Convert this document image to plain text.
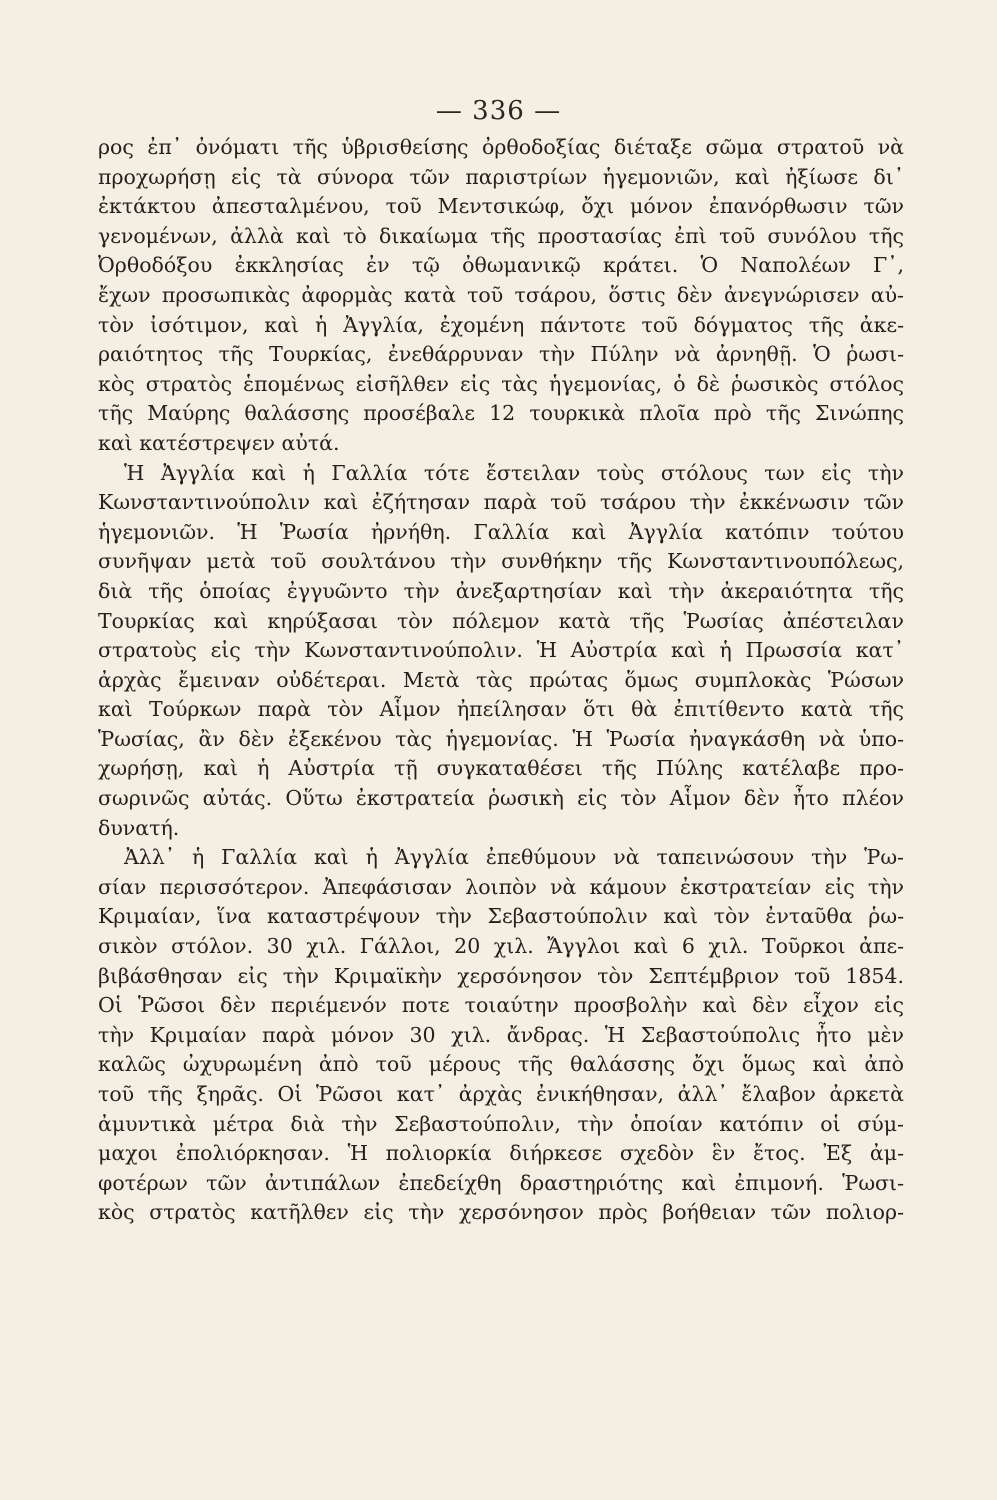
— 336 —
ρος ἐπ᾽ ὀνόματι τῆς ὑβρισθείσης ὀρθοδοξίας διέταξε σῶμα στρατοῦ νὰ
προχωρήσῃ εἰς τὰ σύνορα τῶν παριστρίων ἡγεμονιῶν, καὶ ἠξίωσε δι᾽
ἐκτάκτου ἀπεσταλμένου, τοῦ Μεντσικώφ, ὄχι μόνον ἐπανόρθωσιν τῶν
γενομένων, ἀλλὰ καὶ τὸ δικαίωμα τῆς προστασίας ἐπὶ τοῦ συνόλου τῆς
Ὀρθοδόξου ἐκκλησίας ἐν τῷ ὀθωμανικῷ κράτει. Ὁ Ναπολέων Γ᾽,
ἔχων προσωπικὰς ἀφορμὰς κατὰ τοῦ τσάρου, ὅστις δὲν ἀνεγνώρισεν αὐ-
τὸν ἰσότιμον, καὶ ἡ Ἀγγλία, ἐχομένη πάντοτε τοῦ δόγματος τῆς ἀκε-
ραιότητος τῆς Τουρκίας, ἐνεθάρρυναν τὴν Πύλην νὰ ἀρνηθῇ. Ὁ ῥωσι-
κὸς στρατὸς ἑπομένως εἰσῆλθεν εἰς τὰς ἡγεμονίας, ὁ δὲ ῥωσικὸς στόλος
τῆς Μαύρης θαλάσσης προσέβαλε 12 τουρκικὰ πλοῖα πρὸ τῆς Σινώπης
καὶ κατέστρεψεν αὐτά.
Ἡ Ἀγγλία καὶ ἡ Γαλλία τότε ἔστειλαν τοὺς στόλους των εἰς τὴν
Κωνσταντινούπολιν καὶ ἐζήτησαν παρὰ τοῦ τσάρου τὴν ἐκκένωσιν τῶν
ἡγεμονιῶν. Ἡ Ῥωσία ἠρνήθη. Γαλλία καὶ Ἀγγλία κατόπιν τούτου
συνῆψαν μετὰ τοῦ σουλτάνου τὴν συνθήκην τῆς Κωνσταντινουπόλεως,
διὰ τῆς ὁποίας ἐγγυῶντο τὴν ἀνεξαρτησίαν καὶ τὴν ἀκεραιότητα τῆς
Τουρκίας καὶ κηρύξασαι τὸν πόλεμον κατὰ τῆς Ῥωσίας ἀπέστειλαν
στρατοὺς εἰς τὴν Κωνσταντινούπολιν. Ἡ Αὐστρία καὶ ἡ Πρωσσία κατ᾽
ἀρχὰς ἔμειναν οὐδέτεραι. Μετὰ τὰς πρώτας ὅμως συμπλοκὰς Ῥώσων
καὶ Τούρκων παρὰ τὸν Αἷμον ἠπείλησαν ὅτι θὰ ἐπιτίθεντο κατὰ τῆς
Ῥωσίας, ἂν δὲν ἐξεκένου τὰς ἡγεμονίας. Ἡ Ῥωσία ἠναγκάσθη νὰ ὑπο-
χωρήσῃ, καὶ ἡ Αὐστρία τῇ συγκαταθέσει τῆς Πύλης κατέλαβε προ-
σωρινῶς αὐτάς. Οὕτω ἐκστρατεία ῥωσικὴ εἰς τὸν Αἷμον δὲν ἦτο πλέον
δυνατή.
Ἀλλ᾽ ἡ Γαλλία καὶ ἡ Ἀγγλία ἐπεθύμουν νὰ ταπεινώσουν τὴν Ῥω-
σίαν περισσότερον. Ἀπεφάσισαν λοιπὸν νὰ κάμουν ἐκστρατείαν εἰς τὴν
Κριμαίαν, ἵνα καταστρέψουν τὴν Σεβαστούπολιν καὶ τὸν ἐνταῦθα ῥω-
σικὸν στόλον. 30 χιλ. Γάλλοι, 20 χιλ. Ἄγγλοι καὶ 6 χιλ. Τοῦρκοι ἀπε-
βιβάσθησαν εἰς τὴν Κριμαϊκὴν χερσόνησον τὸν Σεπτέμβριον τοῦ 1854.
Οἱ Ῥῶσοι δὲν περιέμενόν ποτε τοιαύτην προσβολὴν καὶ δὲν εἶχον εἰς
τὴν Κριμαίαν παρὰ μόνον 30 χιλ. ἄνδρας. Ἡ Σεβαστούπολις ἦτο μὲν
καλῶς ὠχυρωμένη ἀπὸ τοῦ μέρους τῆς θαλάσσης ὄχι ὅμως καὶ ἀπὸ
τοῦ τῆς ξηρᾶς. Οἱ Ῥῶσοι κατ᾽ ἀρχὰς ἐνικήθησαν, ἀλλ᾽ ἔλαβον ἀρκετὰ
ἀμυντικὰ μέτρα διὰ τὴν Σεβαστούπολιν, τὴν ὁποίαν κατόπιν οἱ σύμ-
μαχοι ἐπολιόρκησαν. Ἡ πολιορκία διήρκεσε σχεδὸν ἓν ἔτος. Ἐξ ἀμ-
φοτέρων τῶν ἀντιπάλων ἐπεδείχθη δραστηριότης καὶ ἐπιμονή. Ῥωσι-
κὸς στρατὸς κατῆλθεν εἰς τὴν χερσόνησον πρὸς βοήθειαν τῶν πολιορ-
